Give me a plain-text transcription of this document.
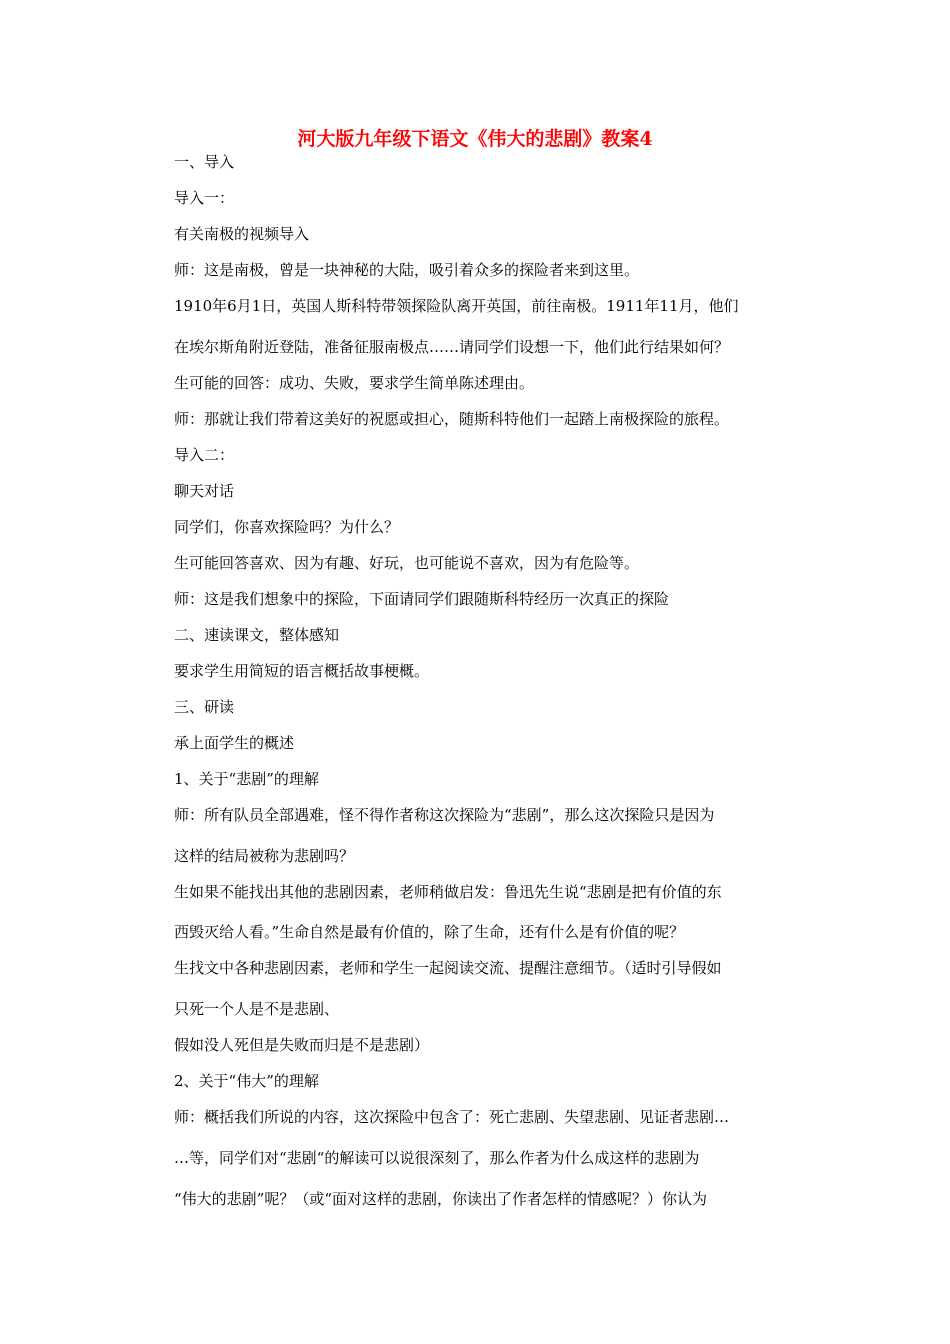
河大版九年级下语文《伟大的悲剧》教案4
一、导入
导入一：
有关南极的视频导入
师：这是南极，曾是一块神秘的大陆，吸引着众多的探险者来到这里。
1910年6月1日，英国人斯科特带领探险队离开英国，前往南极。1911年11月，他们
在埃尔斯角附近登陆，准备征服南极点……请同学们设想一下，他们此行结果如何？
生可能的回答：成功、失败，要求学生简单陈述理由。
师：那就让我们带着这美好的祝愿或担心，随斯科特他们一起踏上南极探险的旅程。
导入二：
聊天对话
同学们，你喜欢探险吗？为什么？
生可能回答喜欢、因为有趣、好玩，也可能说不喜欢，因为有危险等。
师：这是我们想象中的探险，下面请同学们跟随斯科特经历一次真正的探险
二、速读课文，整体感知
要求学生用简短的语言概括故事梗概。
三、研读
承上面学生的概述
1、关于“悲剧”的理解
师：所有队员全部遇难，怪不得作者称这次探险为“悲剧”，那么这次探险只是因为
这样的结局被称为悲剧吗？
生如果不能找出其他的悲剧因素，老师稍做启发：鲁迅先生说“悲剧是把有价值的东
西毁灭给人看。”生命自然是最有价值的，除了生命，还有什么是有价值的呢？
生找文中各种悲剧因素，老师和学生一起阅读交流、提醒注意细节。（适时引导假如
只死一个人是不是悲剧、
假如没人死但是失败而归是不是悲剧）
2、关于“伟大”的理解
师：概括我们所说的内容，这次探险中包含了：死亡悲剧、失望悲剧、见证者悲剧…
…等，同学们对“悲剧“的解读可以说很深刻了，那么作者为什么成这样的悲剧为
“伟大的悲剧”呢？（或“面对这样的悲剧，你读出了作者怎样的情感呢？）你认为
